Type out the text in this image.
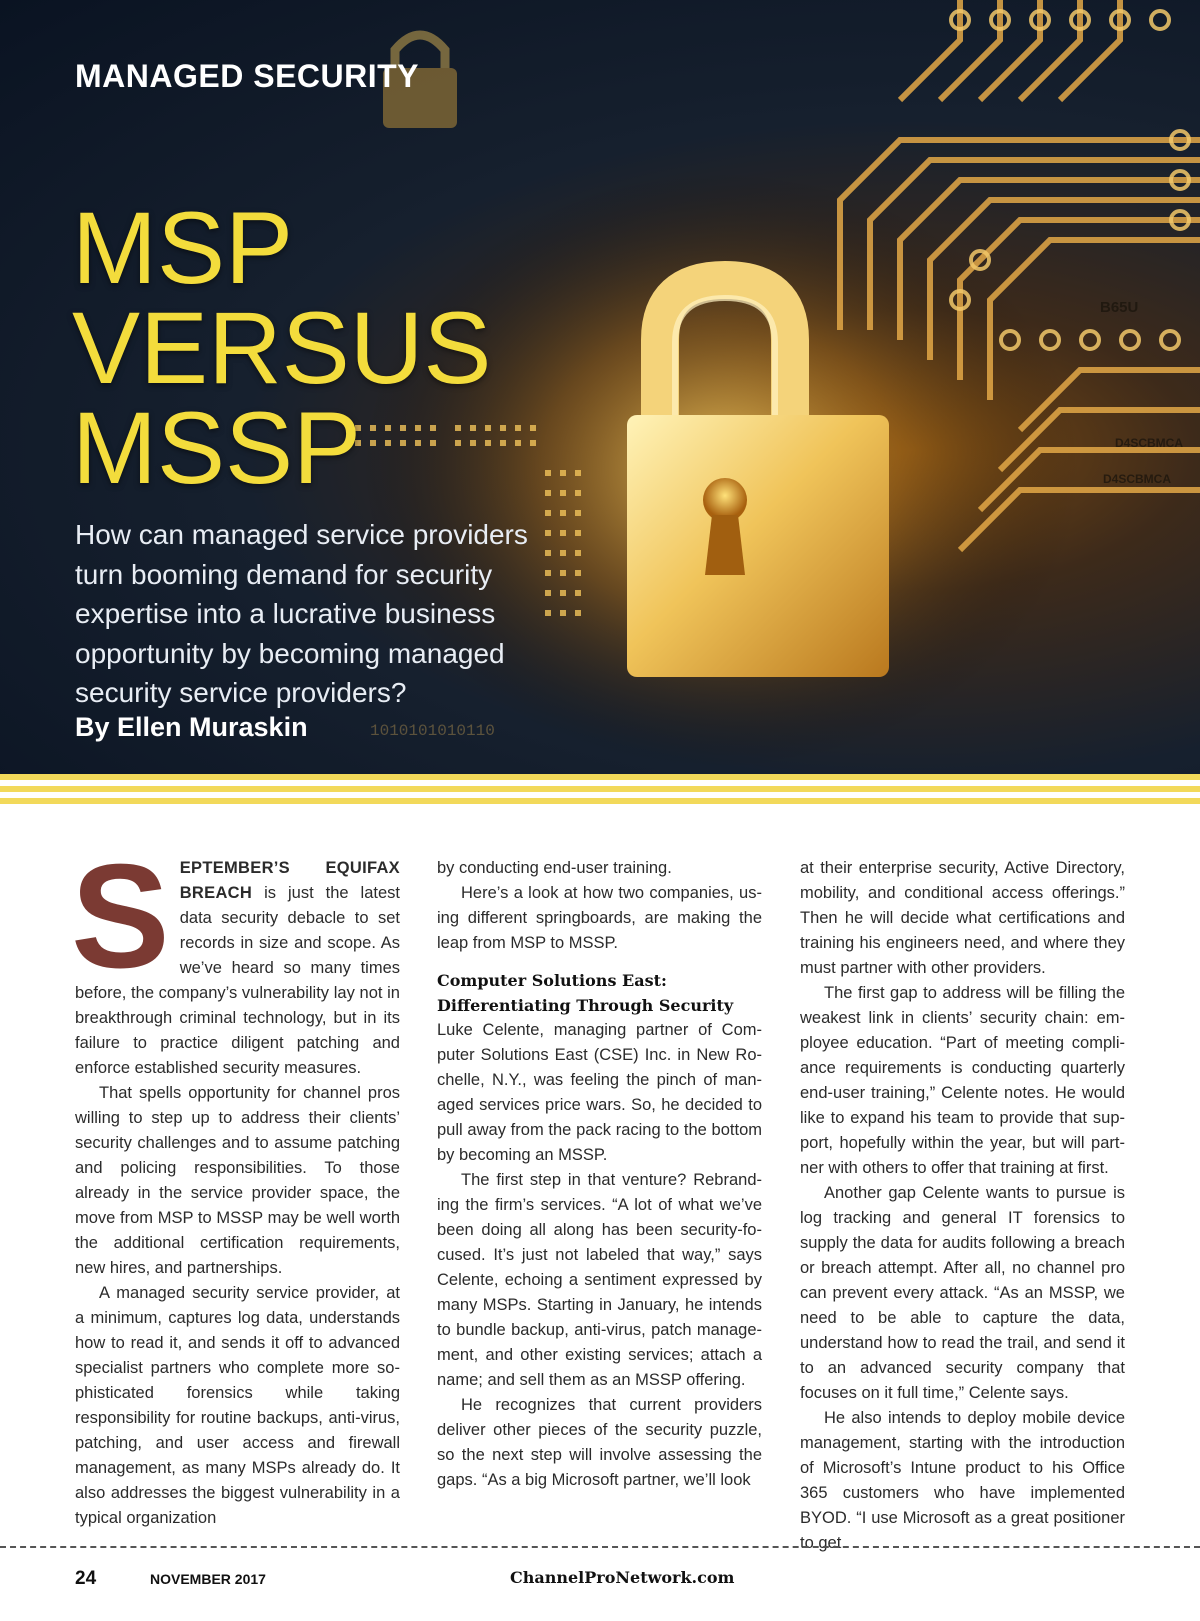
B65U
D4SCBMCA
D4SCBMCA
1010101010110
MANAGED SECURITY
MSP
VERSUS
MSSP
How can managed service providers
turn booming demand for security
expertise into a lucrative business
opportunity by becoming managed
security service providers?
By Ellen Muraskin

SEPTEMBER’S EQUIFAX BREACH is just the latest data security debacle to set records in size and scope. As we’ve heard so many times before, the company’s vulnerability lay not in breakthrough criminal technology, but in its failure to practice diligent patching and enforce established security measures.

That spells opportunity for channel pros willing to step up to address their clients’ security challenges and to assume patching and policing responsibilities. To those already in the service provider space, the move from MSP to MSSP may be well worth the additional certification requirements, new hires, and partnerships.

A managed security service provider, at a minimum, captures log data, understands how to read it, and sends it off to advanced specialist partners who complete more sophisticated forensics while taking responsibility for routine backups, anti-virus, patching, and user access and firewall management, as many MSPs already do. It also addresses the biggest vulnerability in a typical organization

by conducting end-user training.

Here’s a look at how two companies, using different springboards, are making the leap from MSP to MSSP.

Computer Solutions East:
Differentiating Through Security

Luke Celente, managing partner of Computer Solutions East (CSE) Inc. in New Rochelle, N.Y., was feeling the pinch of managed services price wars. So, he decided to pull away from the pack racing to the bottom by becoming an MSSP.

The first step in that venture? Rebranding the firm’s services. “A lot of what we’ve been doing all along has been security-focused. It’s just not labeled that way,” says Celente, echoing a sentiment expressed by many MSPs. Starting in January, he intends to bundle backup, anti-virus, patch management, and other existing services; attach a name; and sell them as an MSSP offering.

He recognizes that current providers deliver other pieces of the security puzzle, so the next step will involve assessing the gaps. “As a big Microsoft partner, we’ll look

at their enterprise security, Active Directory, mobility, and conditional access offerings.” Then he will decide what certifications and training his engineers need, and where they must partner with other providers.

The first gap to address will be filling the weakest link in clients’ security chain: employee education. “Part of meeting compliance requirements is conducting quarterly end-user training,” Celente notes. He would like to expand his team to provide that support, hopefully within the year, but will partner with others to offer that training at first.

Another gap Celente wants to pursue is log tracking and general IT forensics to supply the data for audits following a breach or breach attempt. After all, no channel pro can prevent every attack. “As an MSSP, we need to be able to capture the data, understand how to read the trail, and send it to an advanced security company that focuses on it full time,” Celente says.

He also intends to deploy mobile device management, starting with the introduction of Microsoft’s Intune product to his Office 365 customers who have implemented BYOD. “I use Microsoft as a great positioner to get

24	NOVEMBER 2017	ChannelProNetwork.com
